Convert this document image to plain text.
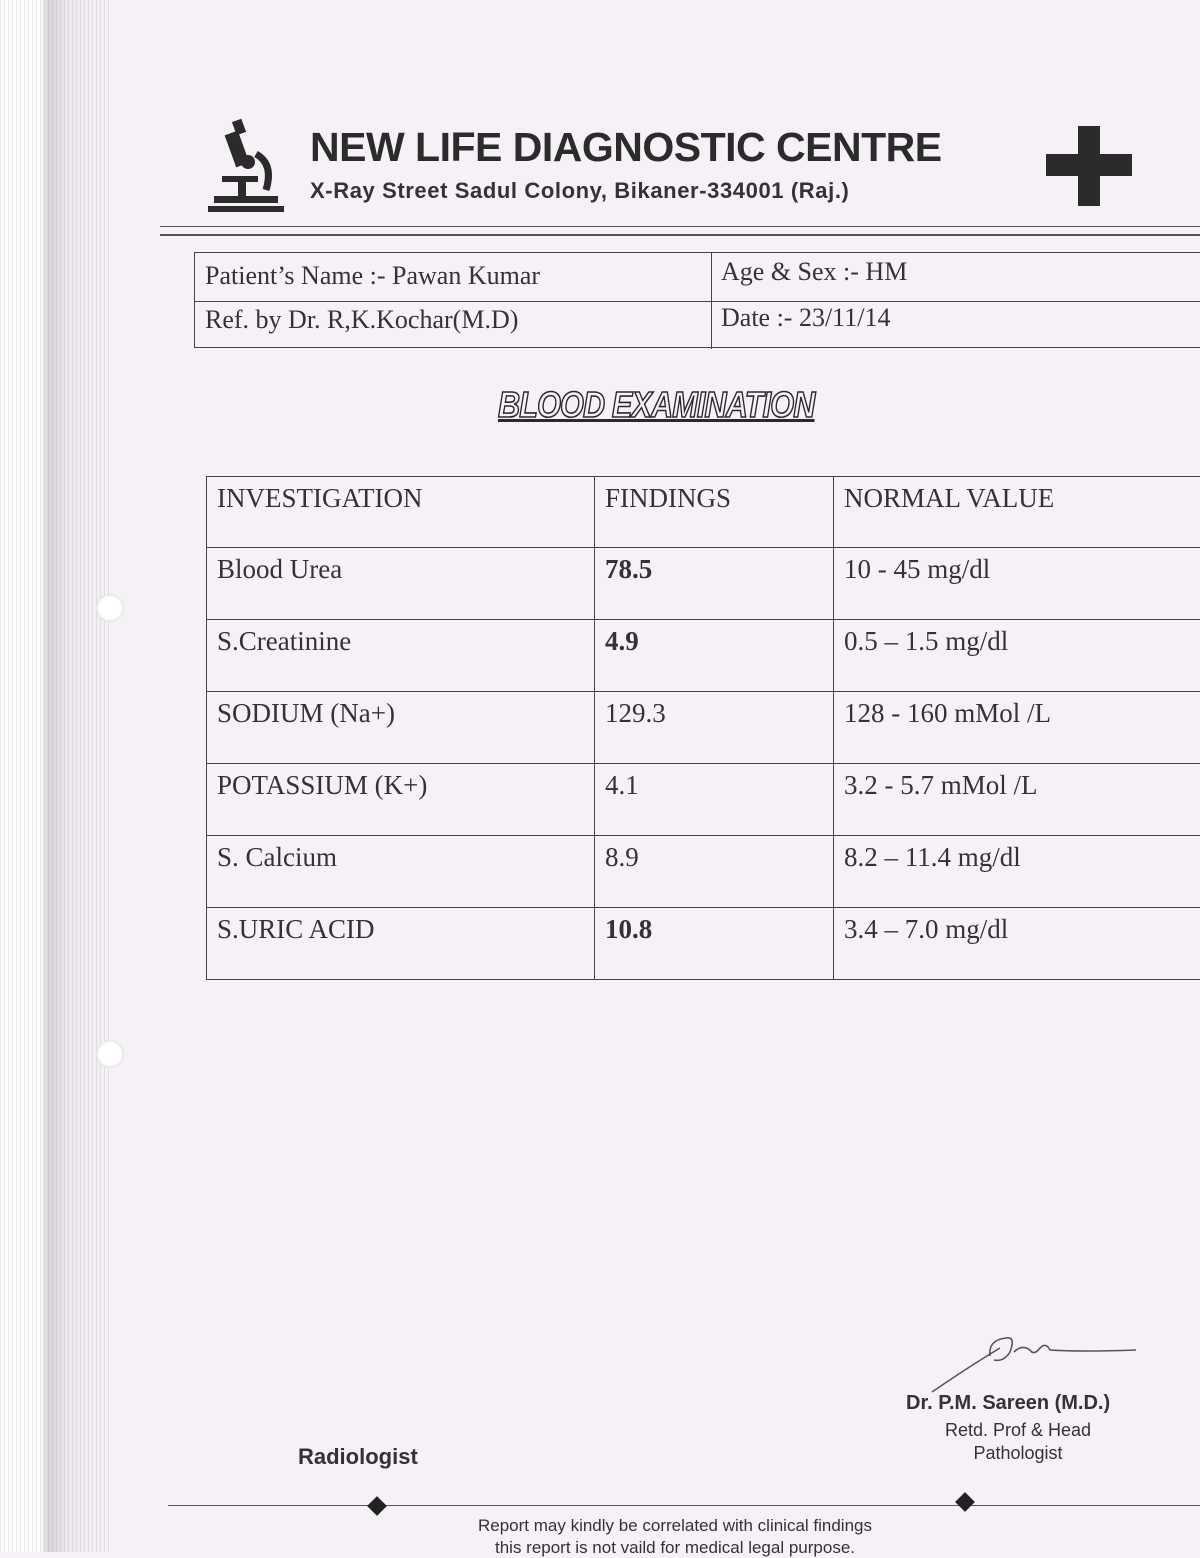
NEW LIFE DIAGNOSTIC CENTRE
X-Ray Street Sadul Colony, Bikaner-334001 (Raj.)
Patient’s Name :- Pawan Kumar
Ref. by Dr. R,K.Kochar(M.D)
Age & Sex :- HM
Date :- 23/11/14
BLOOD EXAMINATION
INVESTIGATION	FINDINGS	NORMAL VALUE
Blood Urea	78.5	10 - 45 mg/dl
S.Creatinine	4.9	0.5 – 1.5 mg/dl
SODIUM (Na+)	129.3	128 - 160 mMol /L
POTASSIUM (K+)	4.1	3.2 - 5.7 mMol /L
S. Calcium	8.9	8.2 – 11.4 mg/dl
S.URIC ACID	10.8	3.4 – 7.0 mg/dl
Dr. P.M. Sareen (M.D.)
Retd. Prof & Head
Pathologist
Radiologist
Report may kindly be correlated with clinical findings
this report is not vaild for medical legal purpose.
